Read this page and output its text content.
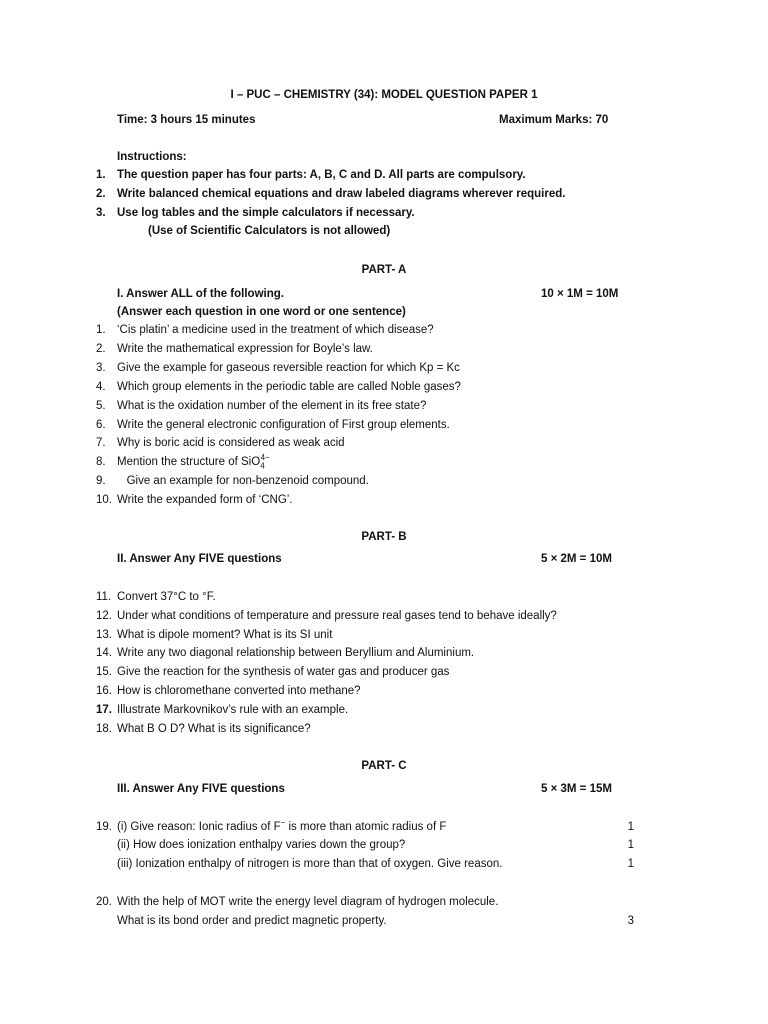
I – PUC – CHEMISTRY (34): MODEL QUESTION PAPER 1
Time: 3 hours 15 minutes	Maximum Marks: 70
Instructions:
1. The question paper has four parts: A, B, C and D. All parts are compulsory.
2. Write balanced chemical equations and draw labeled diagrams wherever required.
3. Use log tables and the simple calculators if necessary.
(Use of Scientific Calculators is not allowed)
PART- A
I. Answer ALL of the following.	10 × 1M = 10M
(Answer each question in one word or one sentence)
1. ‘Cis platin’ a medicine used in the treatment of which disease?
2. Write the mathematical expression for Boyle’s law.
3. Give the example for gaseous reversible reaction for which Kp = Kc
4. Which group elements in the periodic table are called Noble gases?
5. What is the oxidation number of the element in its free state?
6. Write the general electronic configuration of First group elements.
7. Why is boric acid is considered as weak acid
8. Mention the structure of SiO$_4^{4-}$
9. Give an example for non-benzenoid compound.
10. Write the expanded form of ‘CNG’.
PART- B
II. Answer Any FIVE questions	5 × 2M = 10M
11. Convert 37°C to °F.
12. Under what conditions of temperature and pressure real gases tend to behave ideally?
13. What is dipole moment? What is its SI unit
14. Write any two diagonal relationship between Beryllium and Aluminium.
15. Give the reaction for the synthesis of water gas and producer gas
16. How is chloromethane converted into methane?
17. Illustrate Markovnikov’s rule with an example.
18. What B O D? What is its significance?
PART- C
III. Answer Any FIVE questions	5 × 3M = 15M
19. (i) Give reason: Ionic radius of F− is more than atomic radius of F	1
(ii) How does ionization enthalpy varies down the group?	1
(iii) Ionization enthalpy of nitrogen is more than that of oxygen. Give reason.	1
20. With the help of MOT write the energy level diagram of hydrogen molecule.
What is its bond order and predict magnetic property.	3
